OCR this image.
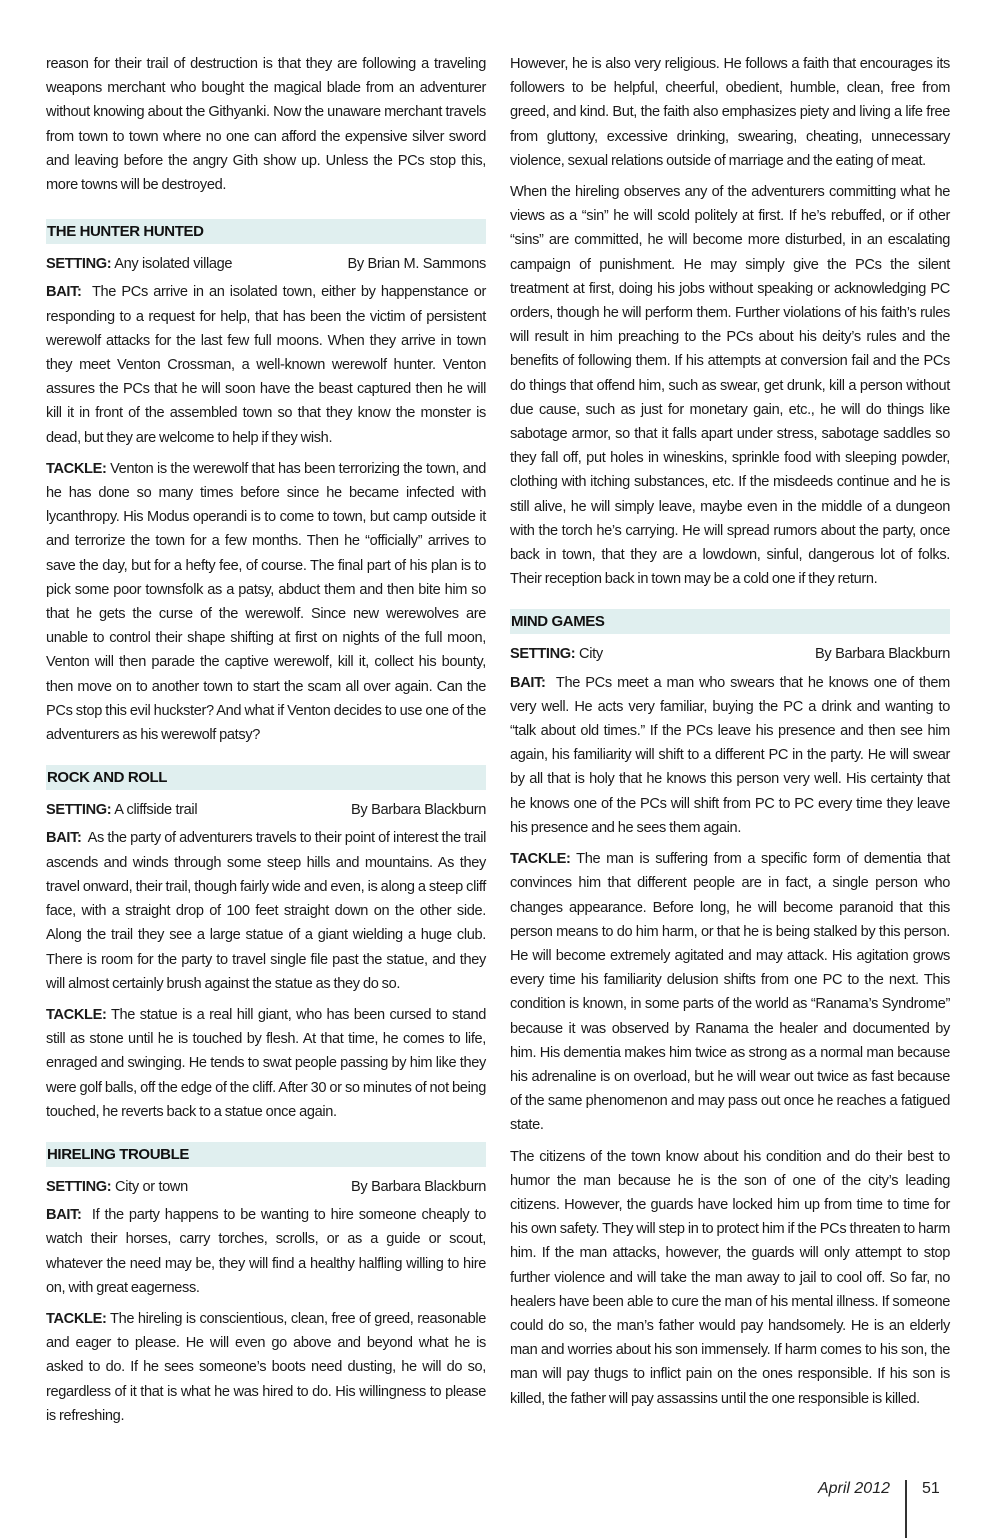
reason for their trail of destruction is that they are following a traveling weapons merchant who bought the magical blade from an adventurer without knowing about the Githyanki. Now the unaware merchant travels from town to town where no one can afford the expensive silver sword and leaving before the angry Gith show up. Unless the PCs stop this, more towns will be destroyed.

THE HUNTER HUNTED
SETTING: Any isolated village	By Brian M. Sammons

BAIT: The PCs arrive in an isolated town, either by happenstance or responding to a request for help, that has been the victim of persistent werewolf attacks for the last few full moons. When they arrive in town they meet Venton Crossman, a well-known werewolf hunter. Venton assures the PCs that he will soon have the beast captured then he will kill it in front of the assembled town so that they know the monster is dead, but they are welcome to help if they wish.

TACKLE: Venton is the werewolf that has been terrorizing the town, and he has done so many times before since he became infected with lycanthropy. His Modus operandi is to come to town, but camp outside it and terrorize the town for a few months. Then he “officially” arrives to save the day, but for a hefty fee, of course. The final part of his plan is to pick some poor townsfolk as a patsy, abduct them and then bite him so that he gets the curse of the werewolf. Since new werewolves are unable to control their shape shifting at first on nights of the full moon, Venton will then parade the captive werewolf, kill it, collect his bounty, then move on to another town to start the scam all over again. Can the PCs stop this evil huckster? And what if Venton decides to use one of the adventurers as his werewolf patsy?

ROCK AND ROLL
SETTING: A cliffside trail	By Barbara Blackburn

BAIT: As the party of adventurers travels to their point of interest the trail ascends and winds through some steep hills and mountains. As they travel onward, their trail, though fairly wide and even, is along a steep cliff face, with a straight drop of 100 feet straight down on the other side. Along the trail they see a large statue of a giant wielding a huge club. There is room for the party to travel single file past the statue, and they will almost certainly brush against the statue as they do so.

TACKLE: The statue is a real hill giant, who has been cursed to stand still as stone until he is touched by flesh. At that time, he comes to life, enraged and swinging. He tends to swat people passing by him like they were golf balls, off the edge of the cliff. After 30 or so minutes of not being touched, he reverts back to a statue once again.

HIRELING TROUBLE
SETTING: City or town	By Barbara Blackburn

BAIT: If the party happens to be wanting to hire someone cheaply to watch their horses, carry torches, scrolls, or as a guide or scout, whatever the need may be, they will find a healthy halfling willing to hire on, with great eagerness.

TACKLE: The hireling is conscientious, clean, free of greed, reasonable and eager to please. He will even go above and beyond what he is asked to do. If he sees someone’s boots need dusting, he will do so, regardless of it that is what he was hired to do. His willingness to please is refreshing.

However, he is also very religious. He follows a faith that encourages its followers to be helpful, cheerful, obedient, humble, clean, free from greed, and kind. But, the faith also emphasizes piety and living a life free from gluttony, excessive drinking, swearing, cheating, unnecessary violence, sexual relations outside of marriage and the eating of meat.

When the hireling observes any of the adventurers committing what he views as a “sin” he will scold politely at first. If he’s rebuffed, or if other “sins” are committed, he will become more disturbed, in an escalating campaign of punishment. He may simply give the PCs the silent treatment at first, doing his jobs without speaking or acknowledging PC orders, though he will perform them. Further violations of his faith’s rules will result in him preaching to the PCs about his deity’s rules and the benefits of following them. If his attempts at conversion fail and the PCs do things that offend him, such as swear, get drunk, kill a person without due cause, such as just for monetary gain, etc., he will do things like sabotage armor, so that it falls apart under stress, sabotage saddles so they fall off, put holes in wineskins, sprinkle food with sleeping powder, clothing with itching substances, etc. If the misdeeds continue and he is still alive, he will simply leave, maybe even in the middle of a dungeon with the torch he’s carrying. He will spread rumors about the party, once back in town, that they are a lowdown, sinful, dangerous lot of folks. Their reception back in town may be a cold one if they return.

MIND GAMES
SETTING: City	By Barbara Blackburn

BAIT: The PCs meet a man who swears that he knows one of them very well. He acts very familiar, buying the PC a drink and wanting to “talk about old times.” If the PCs leave his presence and then see him again, his familiarity will shift to a different PC in the party. He will swear by all that is holy that he knows this person very well. His certainty that he knows one of the PCs will shift from PC to PC every time they leave his presence and he sees them again.

TACKLE: The man is suffering from a specific form of dementia that convinces him that different people are in fact, a single person who changes appearance. Before long, he will become paranoid that this person means to do him harm, or that he is being stalked by this person. He will become extremely agitated and may attack. His agitation grows every time his familiarity delusion shifts from one PC to the next. This condition is known, in some parts of the world as “Ranama’s Syndrome” because it was observed by Ranama the healer and documented by him. His dementia makes him twice as strong as a normal man because his adrenaline is on overload, but he will wear out twice as fast because of the same phenomenon and may pass out once he reaches a fatigued state.

The citizens of the town know about his condition and do their best to humor the man because he is the son of one of the city’s leading citizens. However, the guards have locked him up from time to time for his own safety. They will step in to protect him if the PCs threaten to harm him. If the man attacks, however, the guards will only attempt to stop further violence and will take the man away to jail to cool off. So far, no healers have been able to cure the man of his mental illness. If someone could do so, the man’s father would pay handsomely. He is an elderly man and worries about his son immensely. If harm comes to his son, the man will pay thugs to inflict pain on the ones responsible. If his son is killed, the father will pay assassins until the one responsible is killed.

April 2012 51
